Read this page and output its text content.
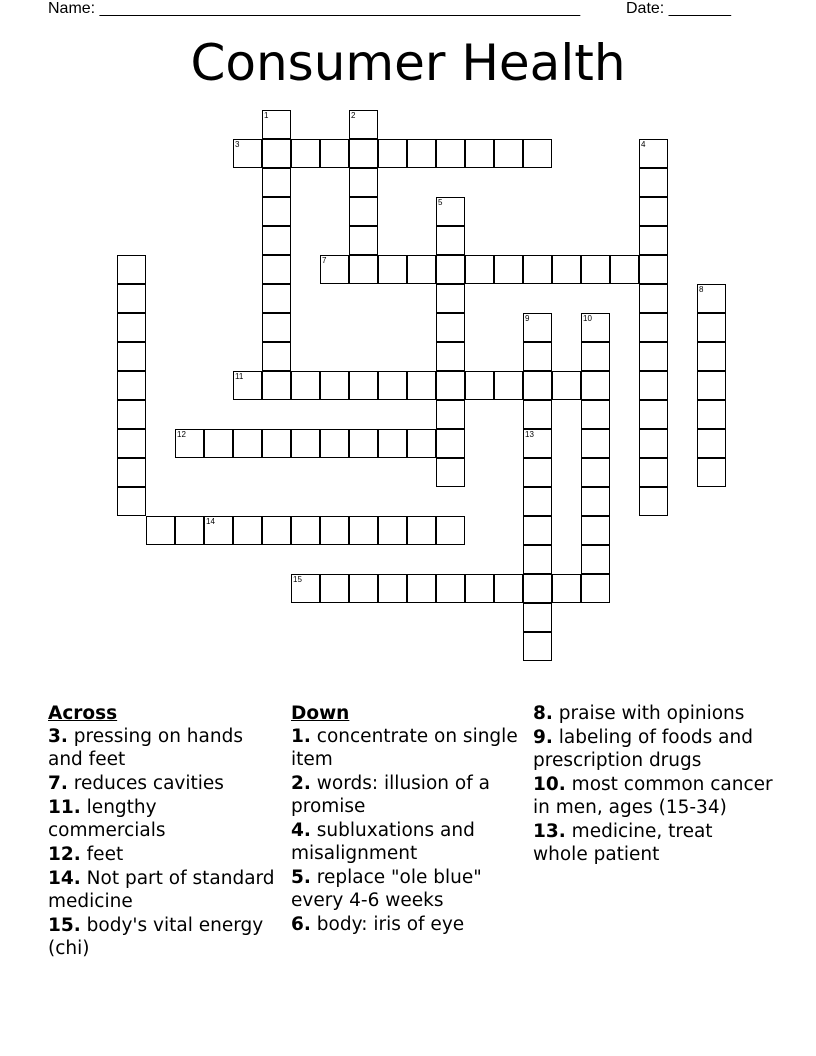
Name: ______________________________________________________	Date: _______
Consumer Health
3
7
11
12
14
15
1	2
4
5
8
9
13
10
Across
3. pressing on hands and feet
7. reduces cavities
11. lengthy commercials
12. feet
14. Not part of standard medicine
15. body's vital energy (chi)
Down
1. concentrate on single item
2. words: illusion of a promise
4. subluxations and misalignment
5. replace "ole blue" every 4-6 weeks
6. body: iris of eye
8. praise with opinions
9. labeling of foods and prescription drugs
10. most common cancer in men, ages (15-34)
13. medicine, treat whole patient
